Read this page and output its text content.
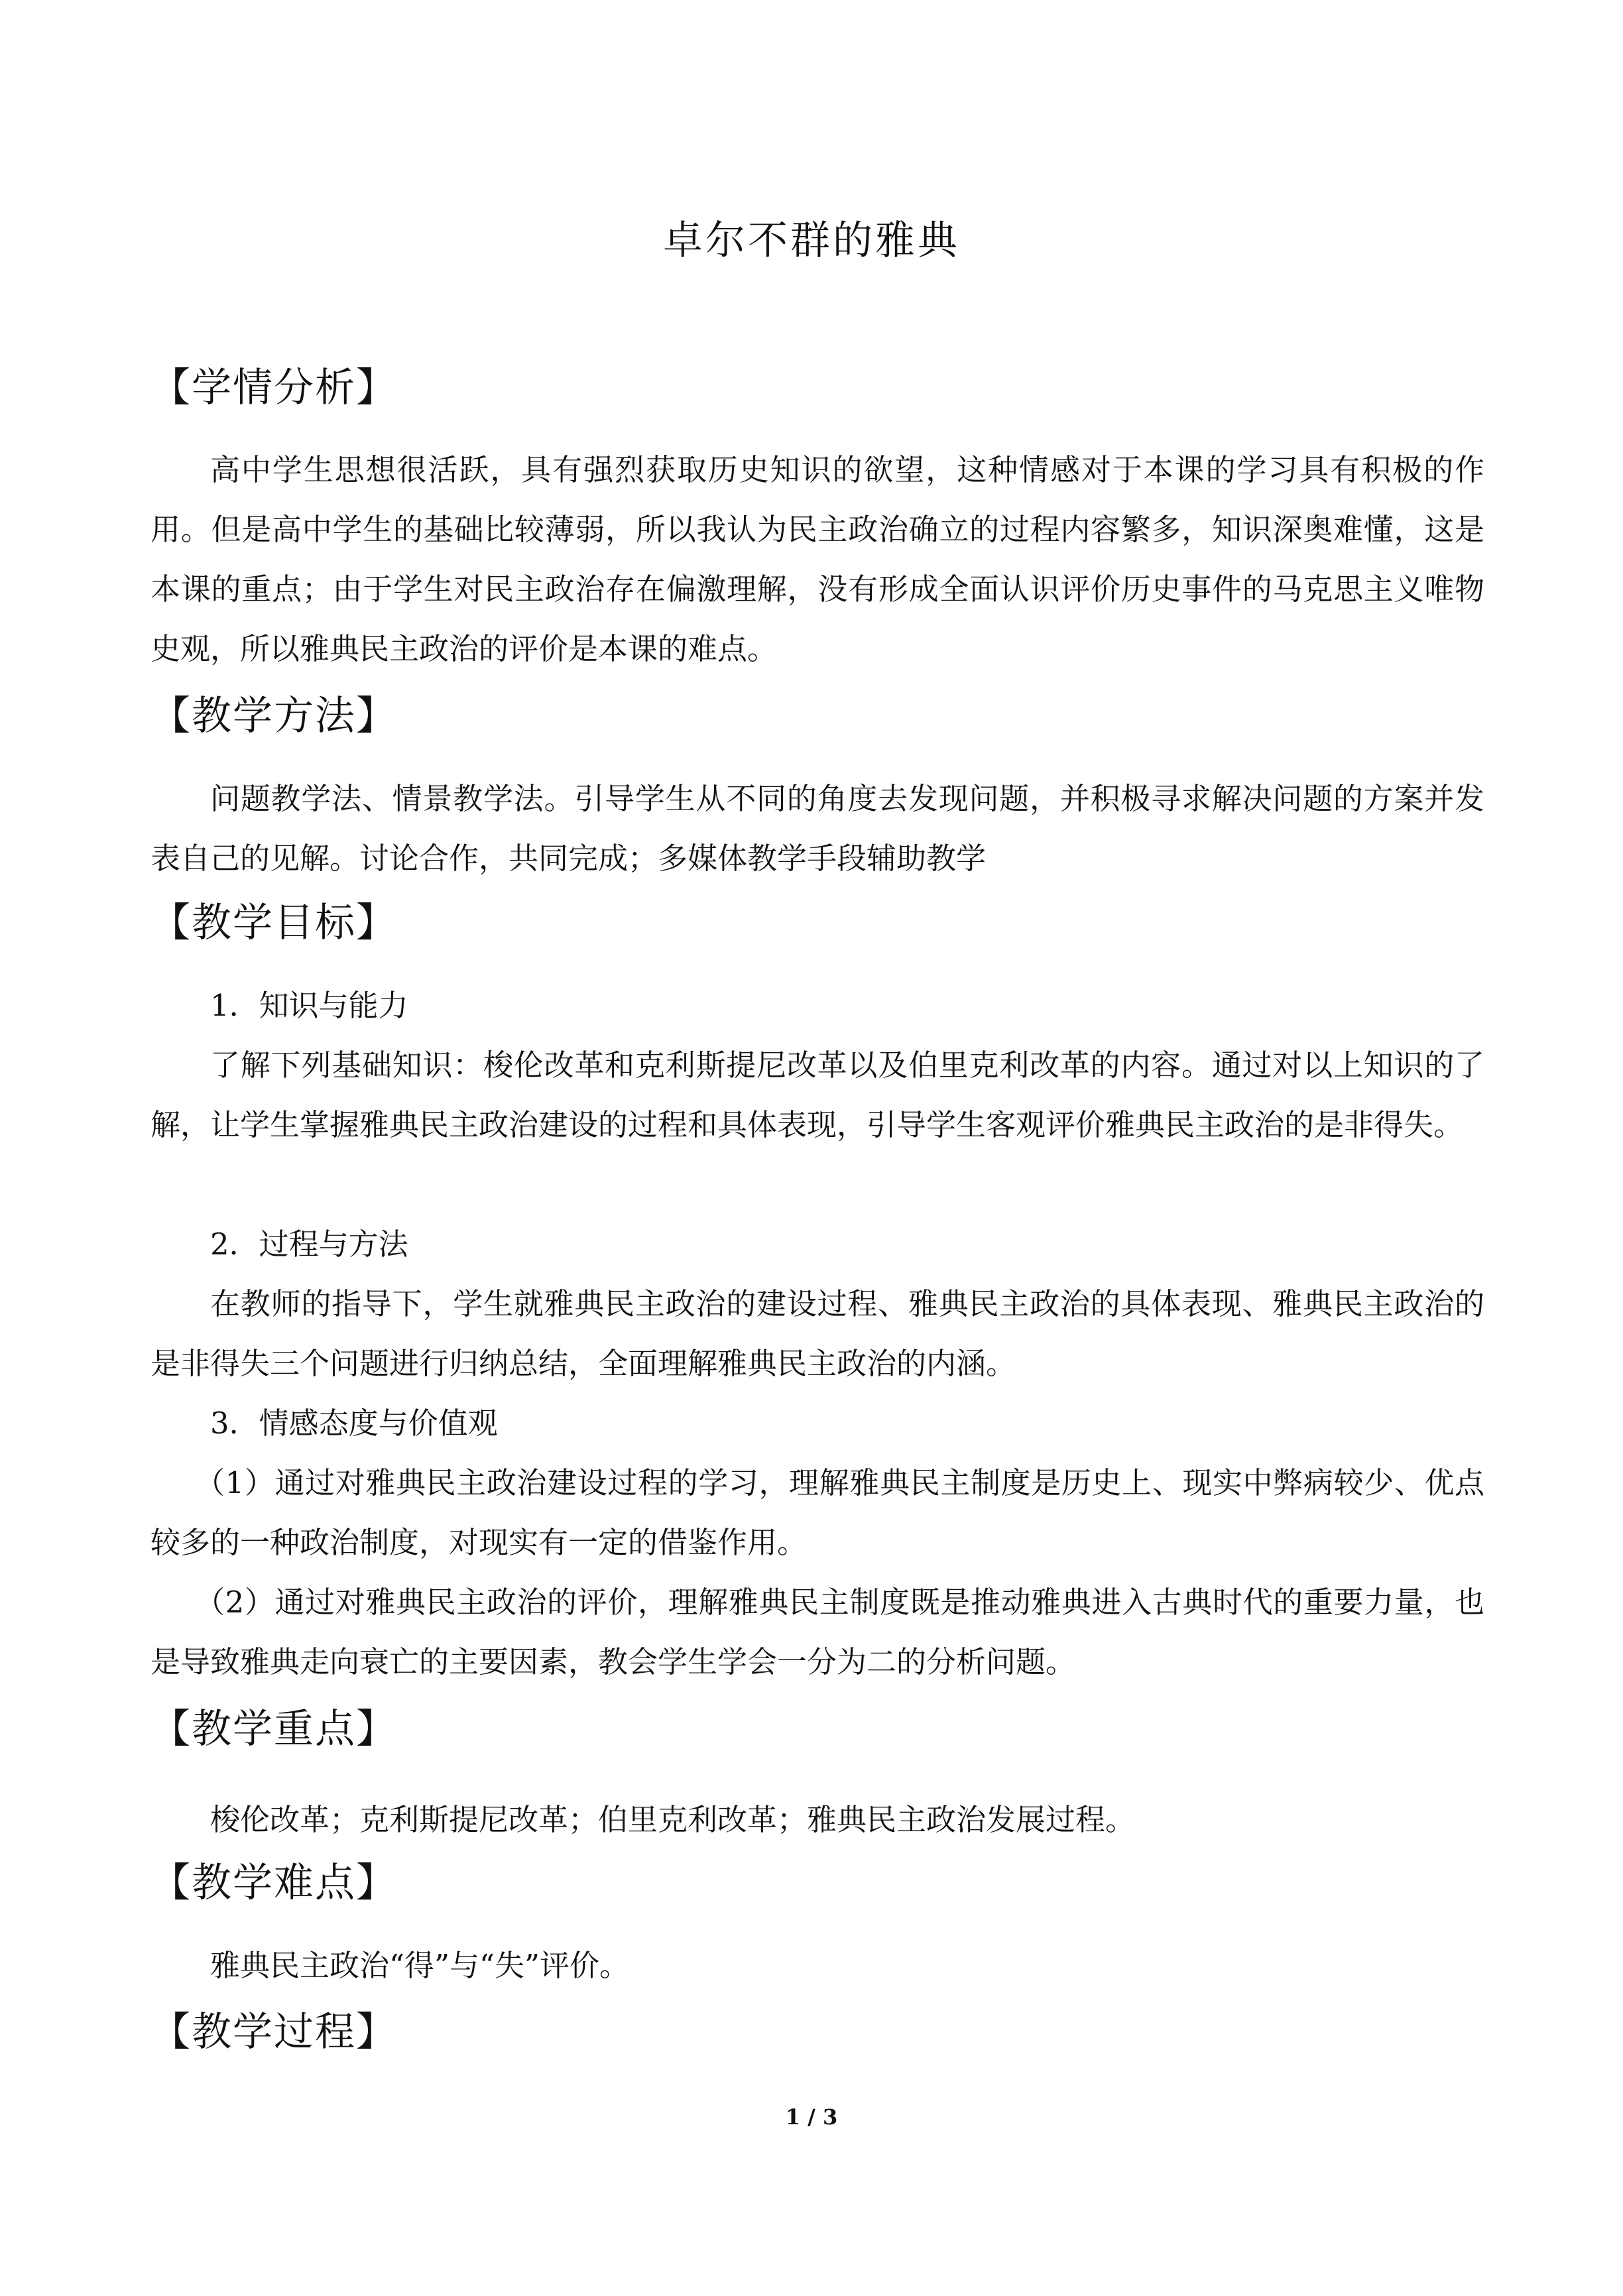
卓尔不群的雅典
【学情分析】

高中学生思想很活跃，具有强烈获取历史知识的欲望，这种情感对于本课的学习具有积极的作用。但是高中学生的基础比较薄弱，所以我认为民主政治确立的过程内容繁多，知识深奥难懂，这是本课的重点；由于学生对民主政治存在偏激理解，没有形成全面认识评价历史事件的马克思主义唯物史观，所以雅典民主政治的评价是本课的难点。

【教学方法】

问题教学法、情景教学法。引导学生从不同的角度去发现问题，并积极寻求解决问题的方案并发表自己的见解。讨论合作，共同完成；多媒体教学手段辅助教学

【教学目标】
1．知识与能力

了解下列基础知识：梭伦改革和克利斯提尼改革以及伯里克利改革的内容。通过对以上知识的了解，让学生掌握雅典民主政治建设的过程和具体表现，引导学生客观评价雅典民主政治的是非得失。

2．过程与方法

在教师的指导下，学生就雅典民主政治的建设过程、雅典民主政治的具体表现、雅典民主政治的是非得失三个问题进行归纳总结，全面理解雅典民主政治的内涵。

3．情感态度与价值观

（1）通过对雅典民主政治建设过程的学习，理解雅典民主制度是历史上、现实中弊病较少、优点较多的一种政治制度，对现实有一定的借鉴作用。

（2）通过对雅典民主政治的评价，理解雅典民主制度既是推动雅典进入古典时代的重要力量，也是导致雅典走向衰亡的主要因素，教会学生学会一分为二的分析问题。

【教学重点】

梭伦改革；克利斯提尼改革；伯里克利改革；雅典民主政治发展过程。

【教学难点】

雅典民主政治“得”与“失”评价。

【教学过程】
1 / 3
